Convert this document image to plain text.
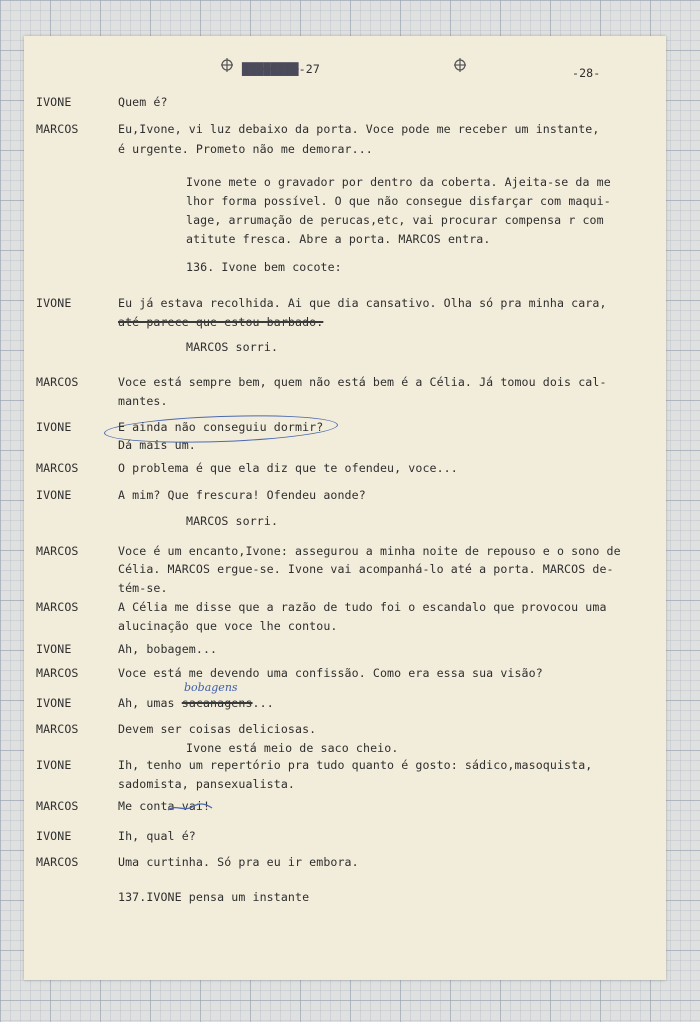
████████-27	-28-
IVONE	Quem é?
MARCOS	Eu,Ivone, vi luz debaixo da porta. Voce pode me receber um instante,
é urgente. Prometo não me demorar...
Ivone mete o gravador por dentro da coberta. Ajeita-se da me
lhor forma possível. O que não consegue disfarçar com maqui-
lage, arrumação de perucas,etc, vai procurar compensa r com
atitute fresca. Abre a porta. MARCOS entra.
136. Ivone bem cocote:
IVONE	Eu já estava recolhida. Ai que dia cansativo. Olha só pra minha cara,
até parece que estou barbado.
MARCOS sorri.
MARCOS	Voce está sempre bem, quem não está bem é a Célia. Já tomou dois cal-
mantes.
IVONE	E ainda não conseguiu dormir?
Dá mais um.
MARCOS	O problema é que ela diz que te ofendeu, voce...
IVONE	A mim? Que frescura! Ofendeu aonde?
MARCOS sorri.
MARCOS	Voce é um encanto,Ivone: assegurou a minha noite de repouso e o sono de
Célia. MARCOS ergue-se. Ivone vai acompanhá-lo até a porta. MARCOS de-
tém-se.
MARCOS	A Célia me disse que a razão de tudo foi o escandalo que provocou uma
alucinação que voce lhe contou.
IVONE	Ah, bobagem...
MARCOS	Voce está me devendo uma confissão. Como era essa sua visão?
IVONE	Ah, umas sacanagens...
bobagens
MARCOS	Devem ser coisas deliciosas.
Ivone está meio de saco cheio.
IVONE	Ih, tenho um repertório pra tudo quanto é gosto: sádico,masoquista,
sadomista, pansexualista.
MARCOS	Me conta vai!
IVONE	Ih, qual é?
MARCOS	Uma curtinha. Só pra eu ir embora.
137.IVONE pensa um instante
